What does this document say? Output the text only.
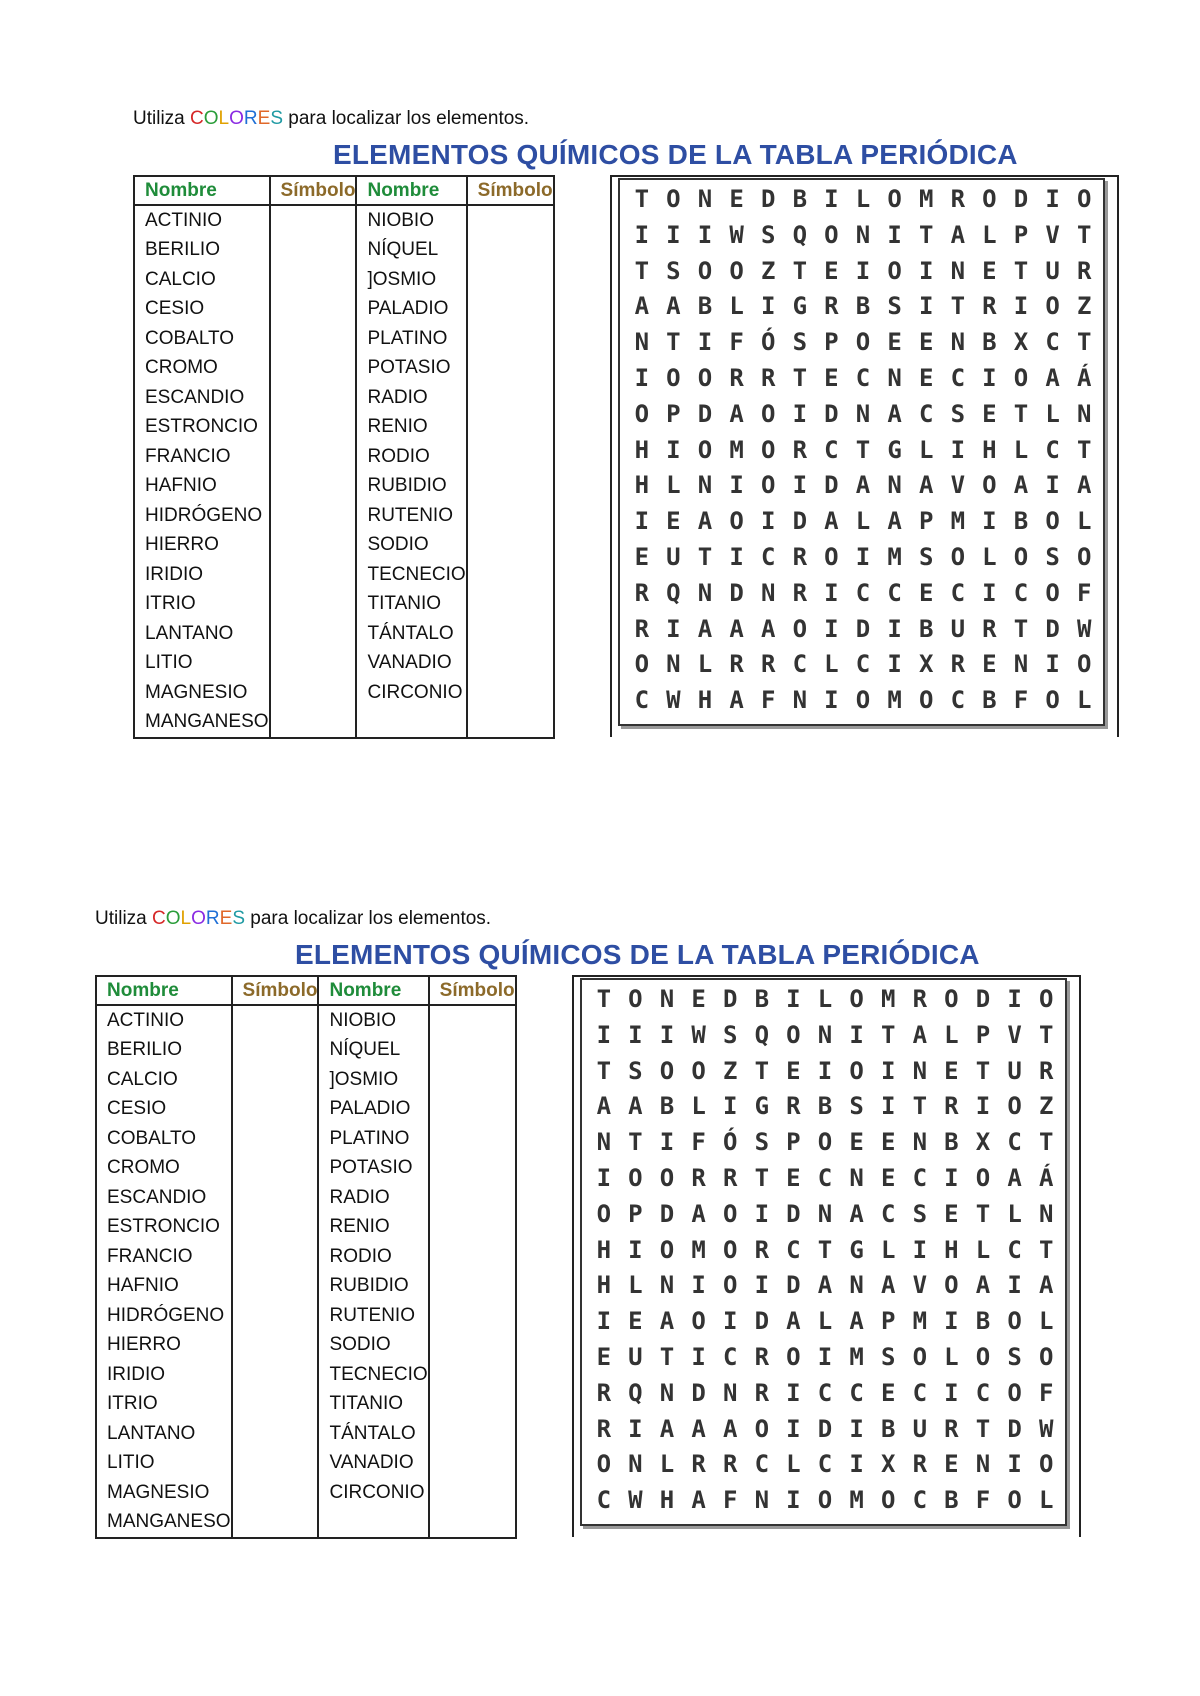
Utiliza COLORES para localizar los elementos.
ELEMENTOS QUÍMICOS DE LA TABLA PERIÓDICA
Nombre	Símbolo	Nombre	Símbolo
ACTINIO		NIOBIO	
BERILIO		NÍQUEL	
CALCIO		]OSMIO	
CESIO		PALADIO	
COBALTO		PLATINO	
CROMO		POTASIO	
ESCANDIO		RADIO	
ESTRONCIO		RENIO	
FRANCIO		RODIO	
HAFNIO		RUBIDIO	
HIDRÓGENO		RUTENIO	
HIERRO		SODIO	
IRIDIO		TECNECIO	
ITRIO		TITANIO	
LANTANO		TÁNTALO	
LITIO		VANADIO	
MAGNESIO		CIRCONIO	
MANGANESO			
T O N E D B I L O M R O D I O
I I I W S Q O N I T A L P V T
T S O O Z T E I O I N E T U R
A A B L I G R B S I T R I O Z
N T I F Ó S P O E E N B X C T
I O O R R T E C N E C I O A Á
O P D A O I D N A C S E T L N
H I O M O R C T G L I H L C T
H L N I O I D A N A V O A I A
I E A O I D A L A P M I B O L
E U T I C R O I M S O L O S O
R Q N D N R I C C E C I C O F
R I A A A O I D I B U R T D W
O N L R R C L C I X R E N I O
C W H A F N I O M O C B F O L
Utiliza COLORES para localizar los elementos.
ELEMENTOS QUÍMICOS DE LA TABLA PERIÓDICA
Nombre	Símbolo	Nombre	Símbolo
ACTINIO		NIOBIO	
BERILIO		NÍQUEL	
CALCIO		]OSMIO	
CESIO		PALADIO	
COBALTO		PLATINO	
CROMO		POTASIO	
ESCANDIO		RADIO	
ESTRONCIO		RENIO	
FRANCIO		RODIO	
HAFNIO		RUBIDIO	
HIDRÓGENO		RUTENIO	
HIERRO		SODIO	
IRIDIO		TECNECIO	
ITRIO		TITANIO	
LANTANO		TÁNTALO	
LITIO		VANADIO	
MAGNESIO		CIRCONIO	
MANGANESO			
T O N E D B I L O M R O D I O
I I I W S Q O N I T A L P V T
T S O O Z T E I O I N E T U R
A A B L I G R B S I T R I O Z
N T I F Ó S P O E E N B X C T
I O O R R T E C N E C I O A Á
O P D A O I D N A C S E T L N
H I O M O R C T G L I H L C T
H L N I O I D A N A V O A I A
I E A O I D A L A P M I B O L
E U T I C R O I M S O L O S O
R Q N D N R I C C E C I C O F
R I A A A O I D I B U R T D W
O N L R R C L C I X R E N I O
C W H A F N I O M O C B F O L
